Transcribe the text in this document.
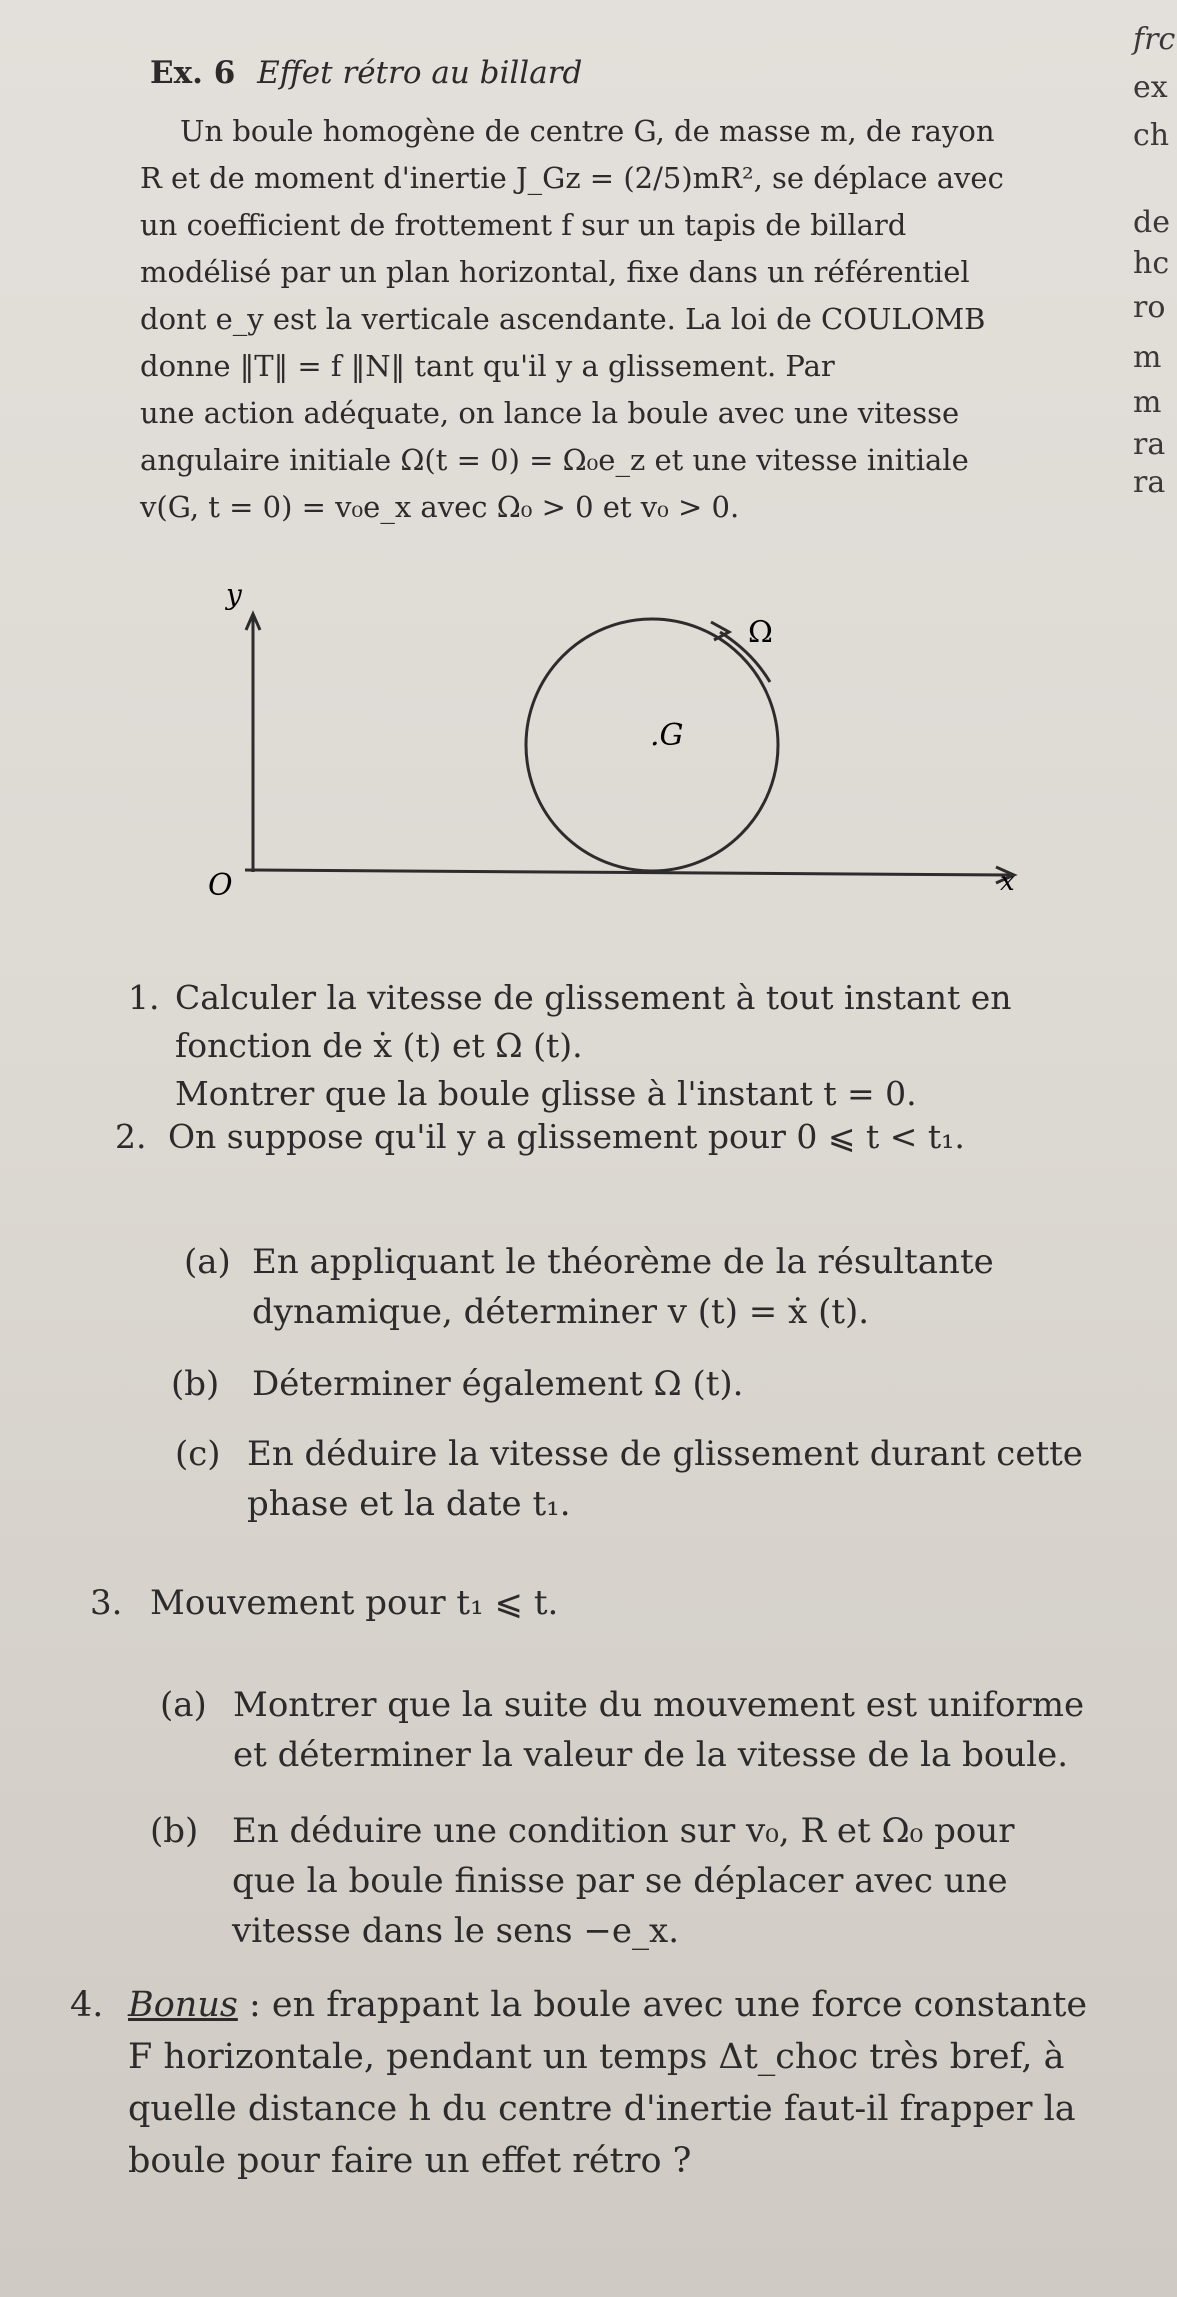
frc
ex
ch
de
hc
ro
m
m
ra
ra
Ex. 6 Effet rétro au billard
Un boule homogène de centre G, de masse m, de rayon
R et de moment d'inertie J_Gz = (2/5)mR², se déplace avec
un coefficient de frottement f sur un tapis de billard
modélisé par un plan horizontal, fixe dans un référentiel
dont e_y est la verticale ascendante. La loi de COULOMB
donne ‖T‖ = f ‖N‖ tant qu'il y a glissement. Par
une action adéquate, on lance la boule avec une vitesse
angulaire initiale Ω(t = 0) = Ω₀e_z et une vitesse initiale
v(G, t = 0) = v₀e_x avec Ω₀ > 0 et v₀ > 0.
y
x
O
.G
Ω
1. Calculer la vitesse de glissement à tout instant en
fonction de ẋ (t) et Ω (t).
Montrer que la boule glisse à l'instant t = 0.
2. On suppose qu'il y a glissement pour 0 ⩽ t < t₁.
(a) En appliquant le théorème de la résultante
dynamique, déterminer v (t) = ẋ (t).
(b) Déterminer également Ω (t).
(c) En déduire la vitesse de glissement durant cette
phase et la date t₁.
3. Mouvement pour t₁ ⩽ t.
(a) Montrer que la suite du mouvement est uniforme
et déterminer la valeur de la vitesse de la boule.
(b) En déduire une condition sur v₀, R et Ω₀ pour
que la boule finisse par se déplacer avec une
vitesse dans le sens −e_x.
4. Bonus : en frappant la boule avec une force constante
F horizontale, pendant un temps Δt_choc très bref, à
quelle distance h du centre d'inertie faut-il frapper la
boule pour faire un effet rétro ?
